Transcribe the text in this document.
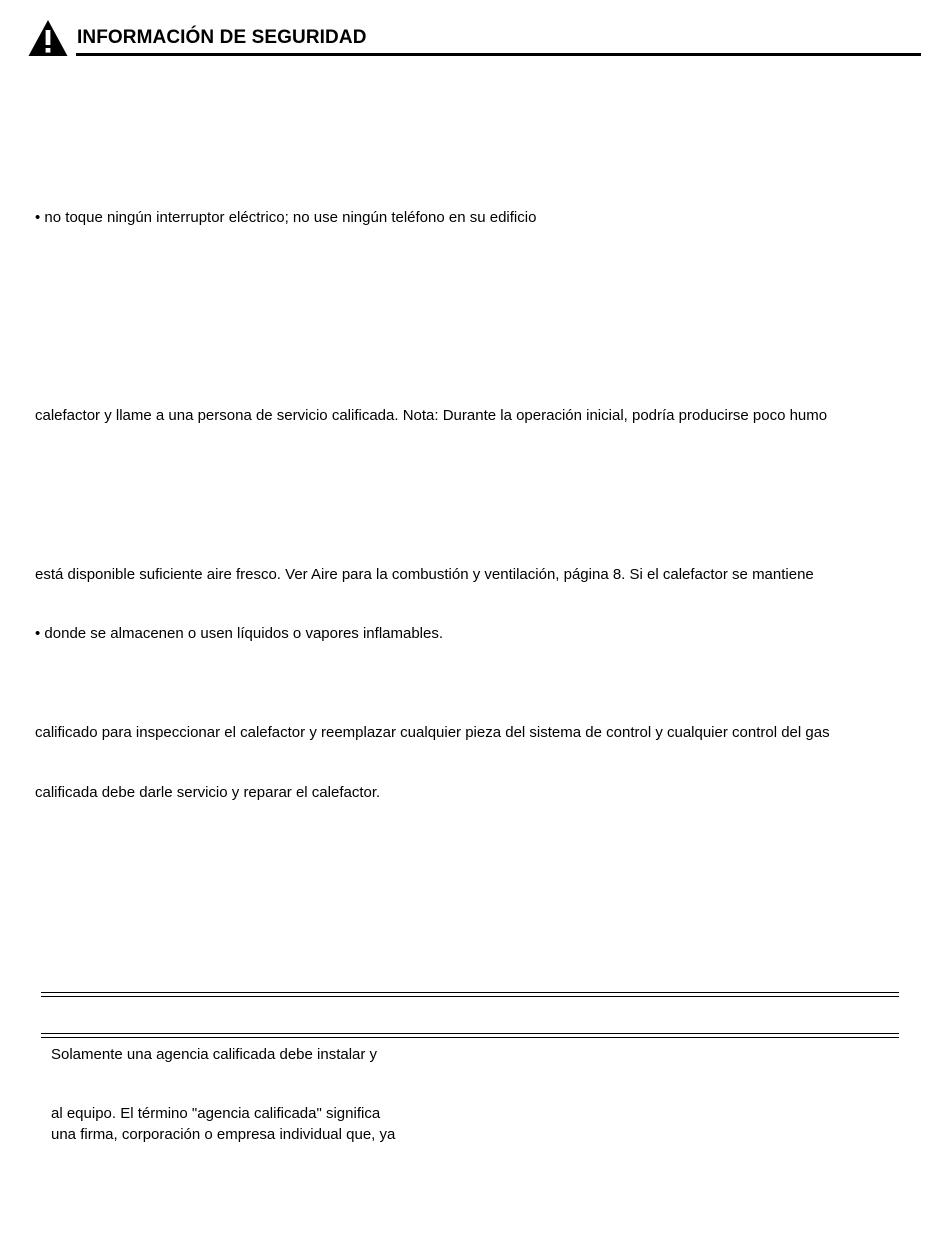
INFORMACIÓN DE SEGURIDAD
• no toque ningún interruptor eléctrico; no use ningún teléfono en su edificio
calefactor y llame a una persona de servicio calificada. Nota: Durante la operación inicial, podría producirse poco humo
está disponible suficiente aire fresco. Ver Aire para la combustión y ventilación, página 8. Si el calefactor se mantiene
• donde se almacenen o usen líquidos o vapores inflamables.
calificado para inspeccionar el calefactor y reemplazar cualquier pieza del sistema de control y cualquier control del gas
calificada debe darle servicio y reparar el calefactor.
Solamente una agencia calificada debe instalar y
al equipo. El término "agencia calificada" significa
una firma, corporación o empresa individual que, ya
